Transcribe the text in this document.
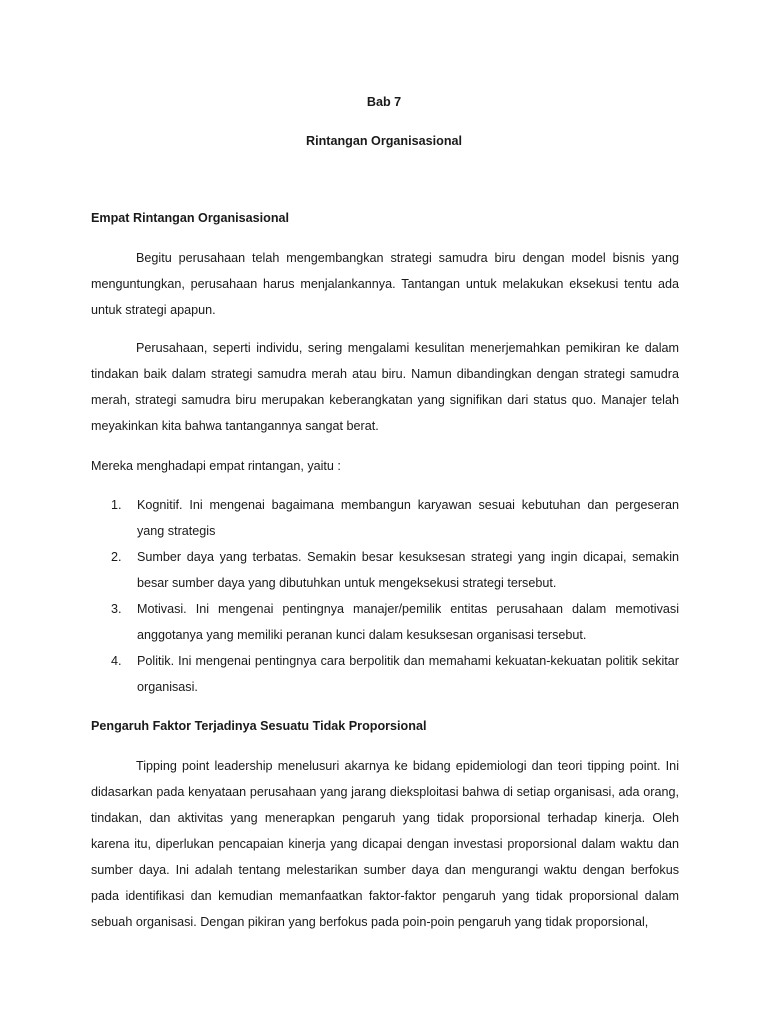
Bab 7
Rintangan Organisasional
Empat Rintangan Organisasional

Begitu perusahaan telah mengembangkan strategi samudra biru dengan model bisnis yang menguntungkan, perusahaan harus menjalankannya. Tantangan untuk melakukan eksekusi tentu ada untuk strategi apapun.

Perusahaan, seperti individu, sering mengalami kesulitan menerjemahkan pemikiran ke dalam tindakan baik dalam strategi samudra merah atau biru. Namun dibandingkan dengan strategi samudra merah, strategi samudra biru merupakan keberangkatan yang signifikan dari status quo. Manajer telah meyakinkan kita bahwa tantangannya sangat berat.

Mereka menghadapi empat rintangan, yaitu :
1. Kognitif. Ini mengenai bagaimana membangun karyawan sesuai kebutuhan dan pergeseran yang strategis
2. Sumber daya yang terbatas. Semakin besar kesuksesan strategi yang ingin dicapai, semakin besar sumber daya yang dibutuhkan untuk mengeksekusi strategi tersebut.
3. Motivasi. Ini mengenai pentingnya manajer/pemilik entitas perusahaan dalam memotivasi anggotanya yang memiliki peranan kunci dalam kesuksesan organisasi tersebut.
4. Politik. Ini mengenai pentingnya cara berpolitik dan memahami kekuatan-kekuatan politik sekitar organisasi.
Pengaruh Faktor Terjadinya Sesuatu Tidak Proporsional

Tipping point leadership menelusuri akarnya ke bidang epidemiologi dan teori tipping point. Ini didasarkan pada kenyataan perusahaan yang jarang dieksploitasi bahwa di setiap organisasi, ada orang, tindakan, dan aktivitas yang menerapkan pengaruh yang tidak proporsional terhadap kinerja. Oleh karena itu, diperlukan pencapaian kinerja yang dicapai dengan investasi proporsional dalam waktu dan sumber daya. Ini adalah tentang melestarikan sumber daya dan mengurangi waktu dengan berfokus pada identifikasi dan kemudian memanfaatkan faktor-faktor pengaruh yang tidak proporsional dalam sebuah organisasi. Dengan pikiran yang berfokus pada poin-poin pengaruh yang tidak proporsional,
